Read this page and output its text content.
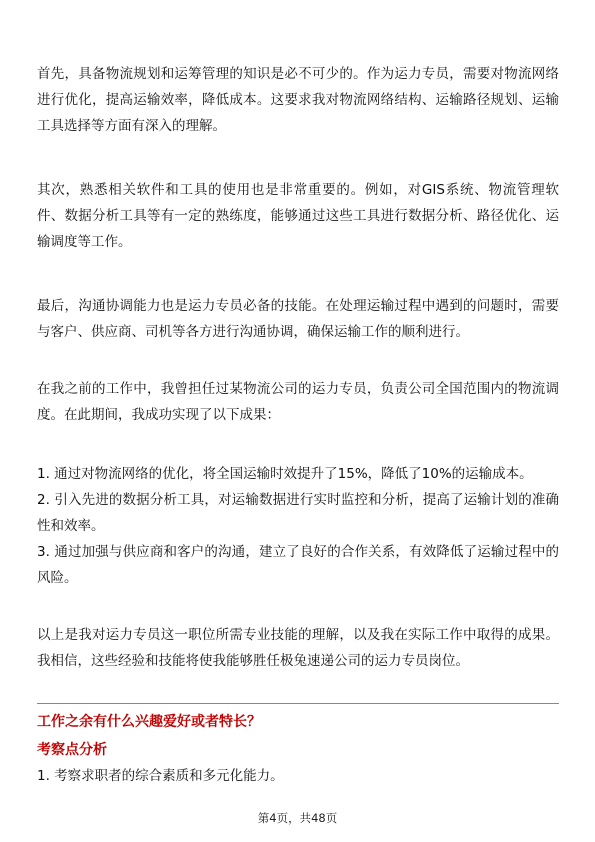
首先，具备物流规划和运筹管理的知识是必不可少的。作为运力专员，需要对物流网络进行优化，提高运输效率，降低成本。这要求我对物流网络结构、运输路径规划、运输工具选择等方面有深入的理解。

其次，熟悉相关软件和工具的使用也是非常重要的。例如，对GIS系统、物流管理软件、数据分析工具等有一定的熟练度，能够通过这些工具进行数据分析、路径优化、运输调度等工作。

最后，沟通协调能力也是运力专员必备的技能。在处理运输过程中遇到的问题时，需要与客户、供应商、司机等各方进行沟通协调，确保运输工作的顺利进行。

在我之前的工作中，我曾担任过某物流公司的运力专员，负责公司全国范围内的物流调度。在此期间，我成功实现了以下成果：

1. 通过对物流网络的优化，将全国运输时效提升了15%，降低了10%的运输成本。
2. 引入先进的数据分析工具，对运输数据进行实时监控和分析，提高了运输计划的准确性和效率。
3. 通过加强与供应商和客户的沟通，建立了良好的合作关系，有效降低了运输过程中的风险。

以上是我对运力专员这一职位所需专业技能的理解，以及我在实际工作中取得的成果。我相信，这些经验和技能将使我能够胜任极兔速递公司的运力专员岗位。

工作之余有什么兴趣爱好或者特长？

考察点分析

1. 考察求职者的综合素质和多元化能力。

第4页，共48页
